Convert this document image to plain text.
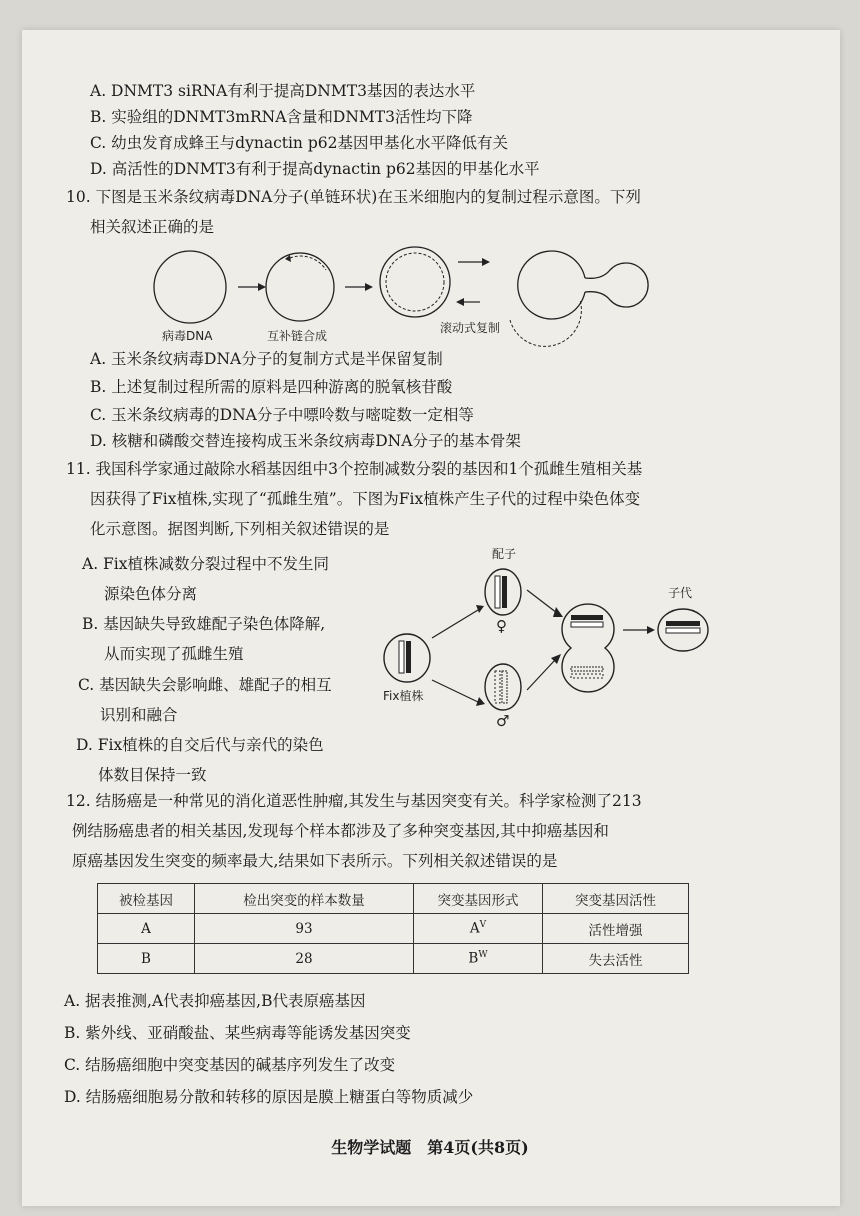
A. DNMT3 siRNA有利于提高DNMT3基因的表达水平
B. 实验组的DNMT3mRNA含量和DNMT3活性均下降
C. 幼虫发育成蜂王与dynactin p62基因甲基化水平降低有关
D. 高活性的DNMT3有利于提高dynactin p62基因的甲基化水平
10. 下图是玉米条纹病毒DNA分子(单链环状)在玉米细胞内的复制过程示意图。下列
相关叙述正确的是
病毒DNA	互补链合成
滚动式复制
A. 玉米条纹病毒DNA分子的复制方式是半保留复制
B. 上述复制过程所需的原料是四种游离的脱氧核苷酸
C. 玉米条纹病毒的DNA分子中嘌呤数与嘧啶数一定相等
D. 核糖和磷酸交替连接构成玉米条纹病毒DNA分子的基本骨架
11. 我国科学家通过敲除水稻基因组中3个控制减数分裂的基因和1个孤雌生殖相关基
因获得了Fix植株,实现了“孤雌生殖”。下图为Fix植株产生子代的过程中染色体变
化示意图。据图判断,下列相关叙述错误的是
A. Fix植株减数分裂过程中不发生同
源染色体分离
B. 基因缺失导致雄配子染色体降解,
从而实现了孤雌生殖
C. 基因缺失会影响雌、雄配子的相互
识别和融合
D. Fix植株的自交后代与亲代的染色
体数目保持一致
配子
子代
Fix植株
♀
♂
12. 结肠癌是一种常见的消化道恶性肿瘤,其发生与基因突变有关。科学家检测了213
例结肠癌患者的相关基因,发现每个样本都涉及了多种突变基因,其中抑癌基因和
原癌基因发生突变的频率最大,结果如下表所示。下列相关叙述错误的是
被检基因	检出突变的样本数量	突变基因形式	突变基因活性
A	93	$A^V$	活性增强
B	28	$B^W$	失去活性
A. 据表推测,A代表抑癌基因,B代表原癌基因
B. 紫外线、亚硝酸盐、某些病毒等能诱发基因突变
C. 结肠癌细胞中突变基因的碱基序列发生了改变
D. 结肠癌细胞易分散和转移的原因是膜上糖蛋白等物质减少
生物学试题　第4页(共8页)
